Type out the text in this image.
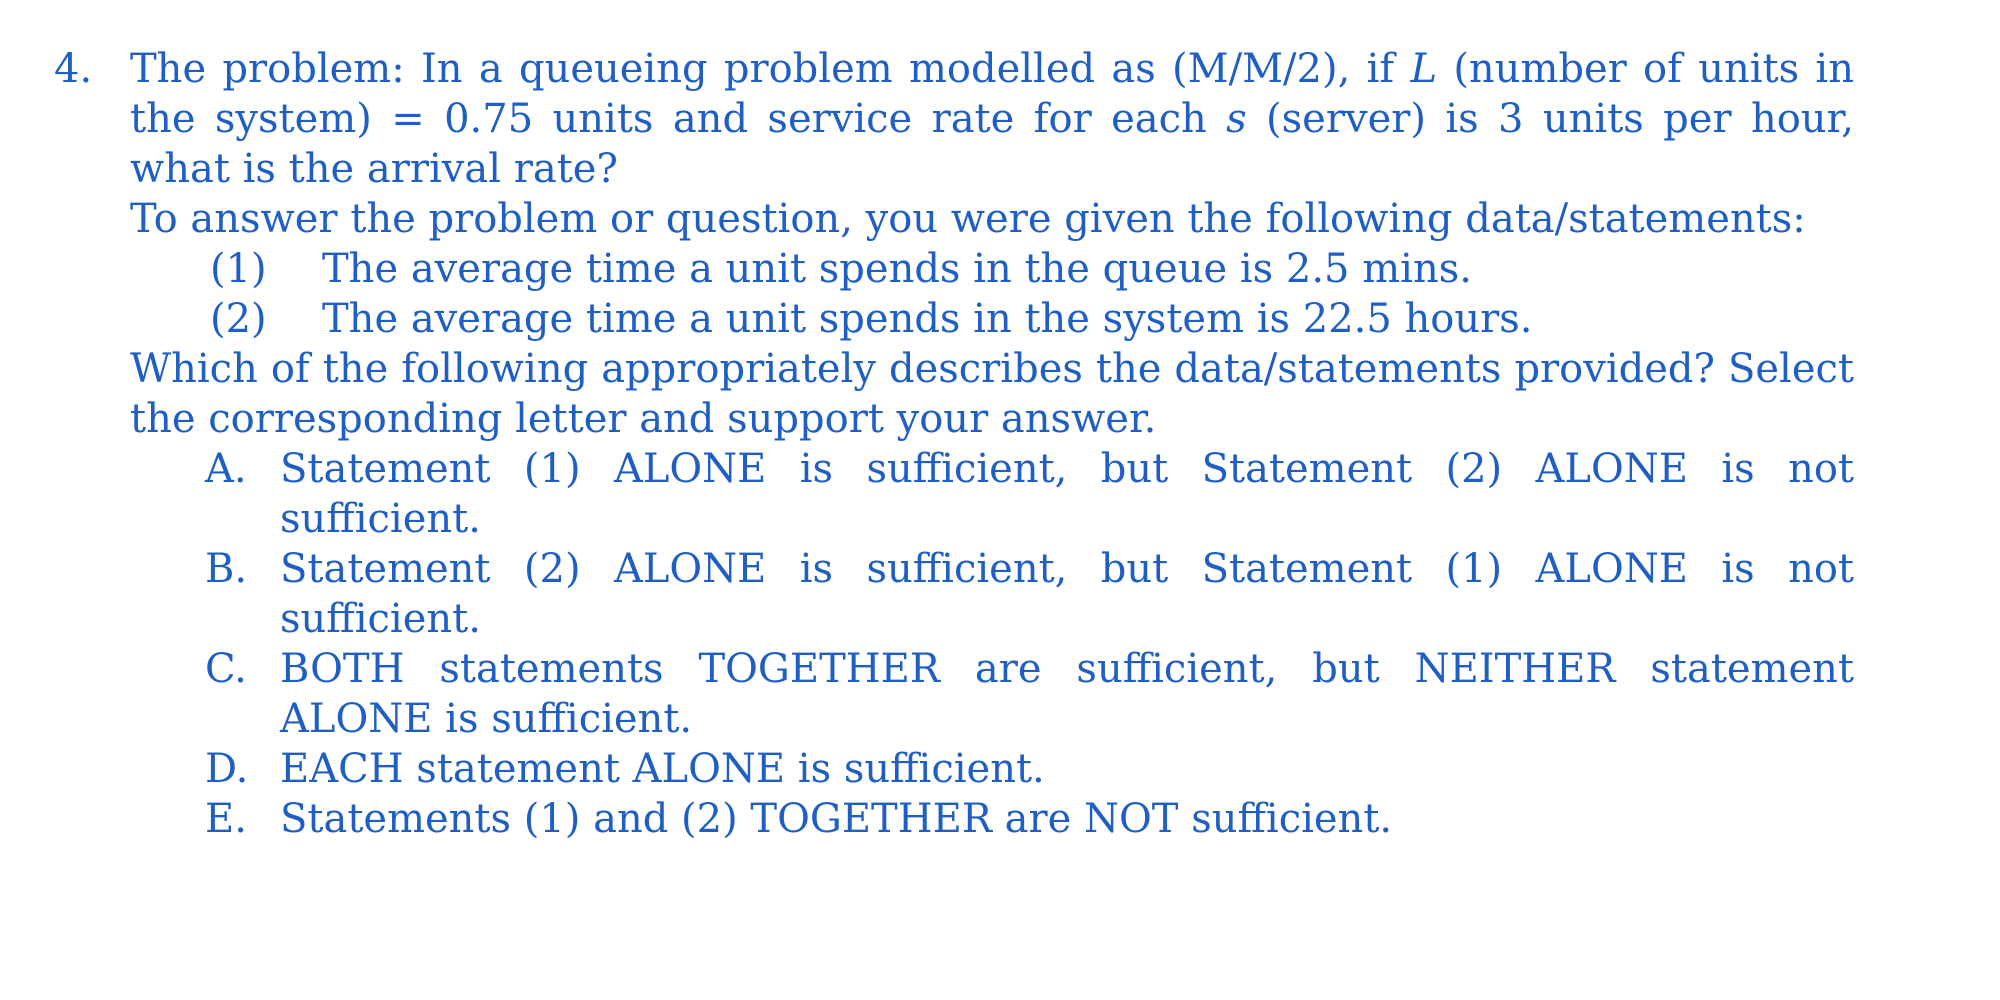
4. The problem: In a queueing problem modelled as (M/M/2), if L (number of units in the system) = 0.75 units and service rate for each s (server) is 3 units per hour, what is the arrival rate?

To answer the problem or question, you were given the following data/statements:

(1)	The average time a unit spends in the queue is 2.5 mins.
(2)	The average time a unit spends in the system is 22.5 hours.

Which of the following appropriately describes the data/statements provided? Select the corresponding letter and support your answer.

A. Statement (1) ALONE is sufficient, but Statement (2) ALONE is not sufficient.
B. Statement (2) ALONE is sufficient, but Statement (1) ALONE is not sufficient.
C. BOTH statements TOGETHER are sufficient, but NEITHER statement ALONE is sufficient.
D. EACH statement ALONE is sufficient.
E. Statements (1) and (2) TOGETHER are NOT sufficient.
